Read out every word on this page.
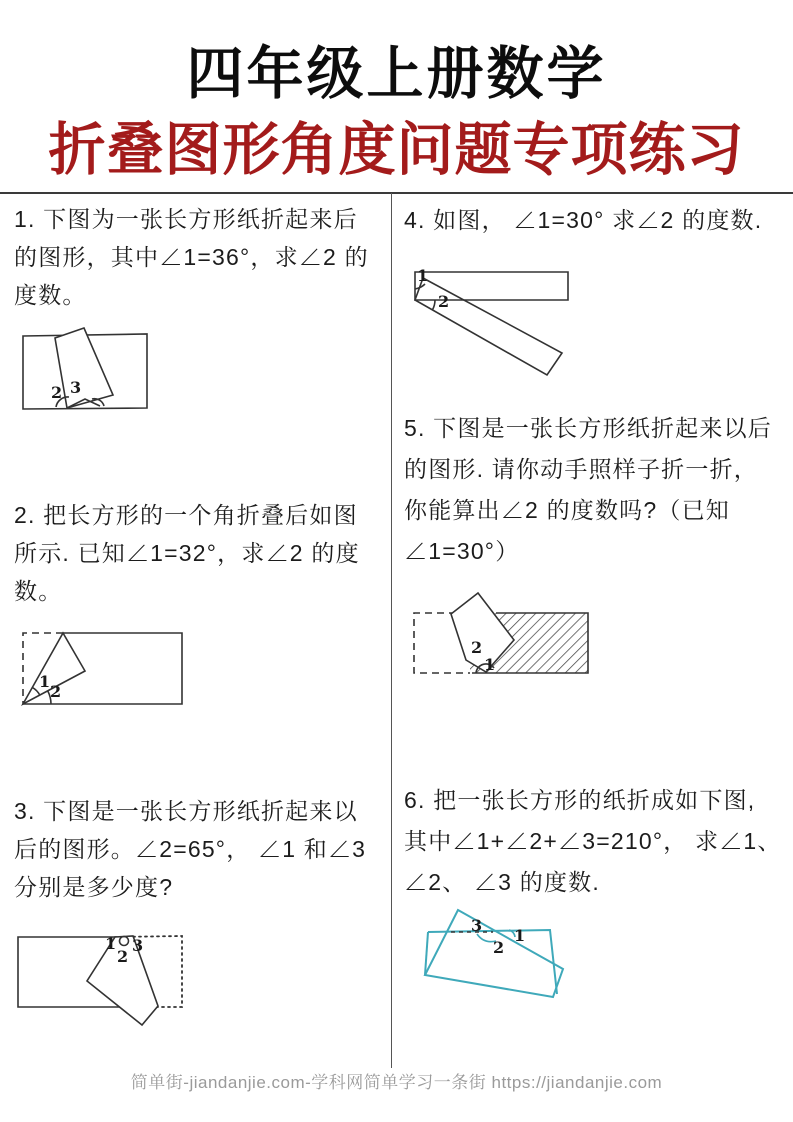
四年级上册数学
折叠图形角度问题专项练习
1. 下图为一张长方形纸折起来后的图形，其中∠1=36°，求∠2 的度数。
2 3
2. 把长方形的一个角折叠后如图所示. 已知∠1=32°，求∠2 的度数。
1
2
3. 下图是一张长方形纸折起来以后的图形。∠2=65°， ∠1 和∠3 分别是多少度?
1
2
3
4. 如图， ∠1=30° 求∠2 的度数.
1
2
5. 下图是一张长方形纸折起来以后的图形. 请你动手照样子折一折， 你能算出∠2 的度数吗?（已知∠1=30°）
2
1
6. 把一张长方形的纸折成如下图, 其中∠1+∠2+∠3=210°， 求∠1、 ∠2、 ∠3 的度数.
3
2
1
简单街-jiandanjie.com-学科网简单学习一条街 https://jiandanjie.com
